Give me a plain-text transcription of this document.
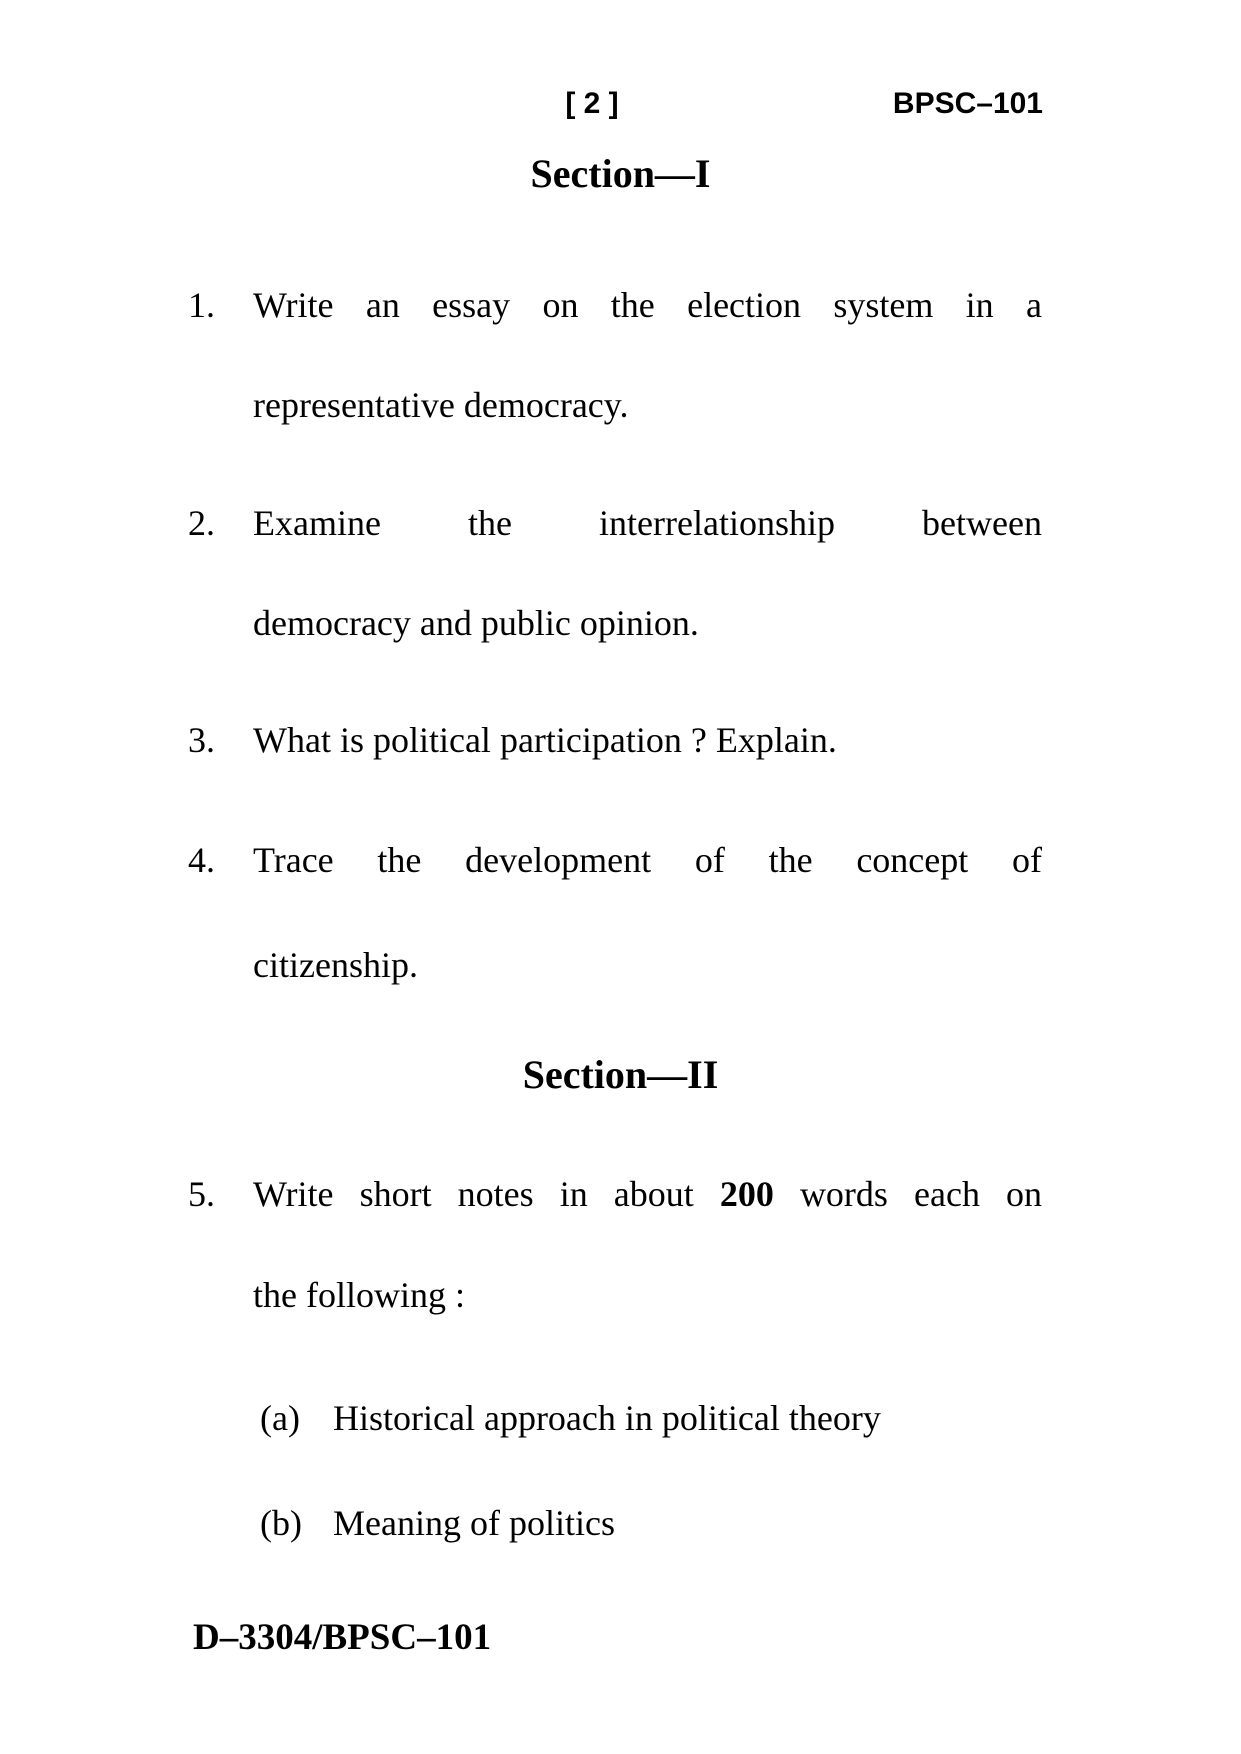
[ 2 ]	BPSC–101
Section—I
1. Write an essay on the election system in a
representative democracy.
2. Examine the interrelationship between
democracy and public opinion.
3. What is political participation ? Explain.
4. Trace the development of the concept of
citizenship.
Section—II
5. Write short notes in about 200 words each on
the following :
(a) Historical approach in political theory
(b) Meaning of politics
D–3304/BPSC–101
